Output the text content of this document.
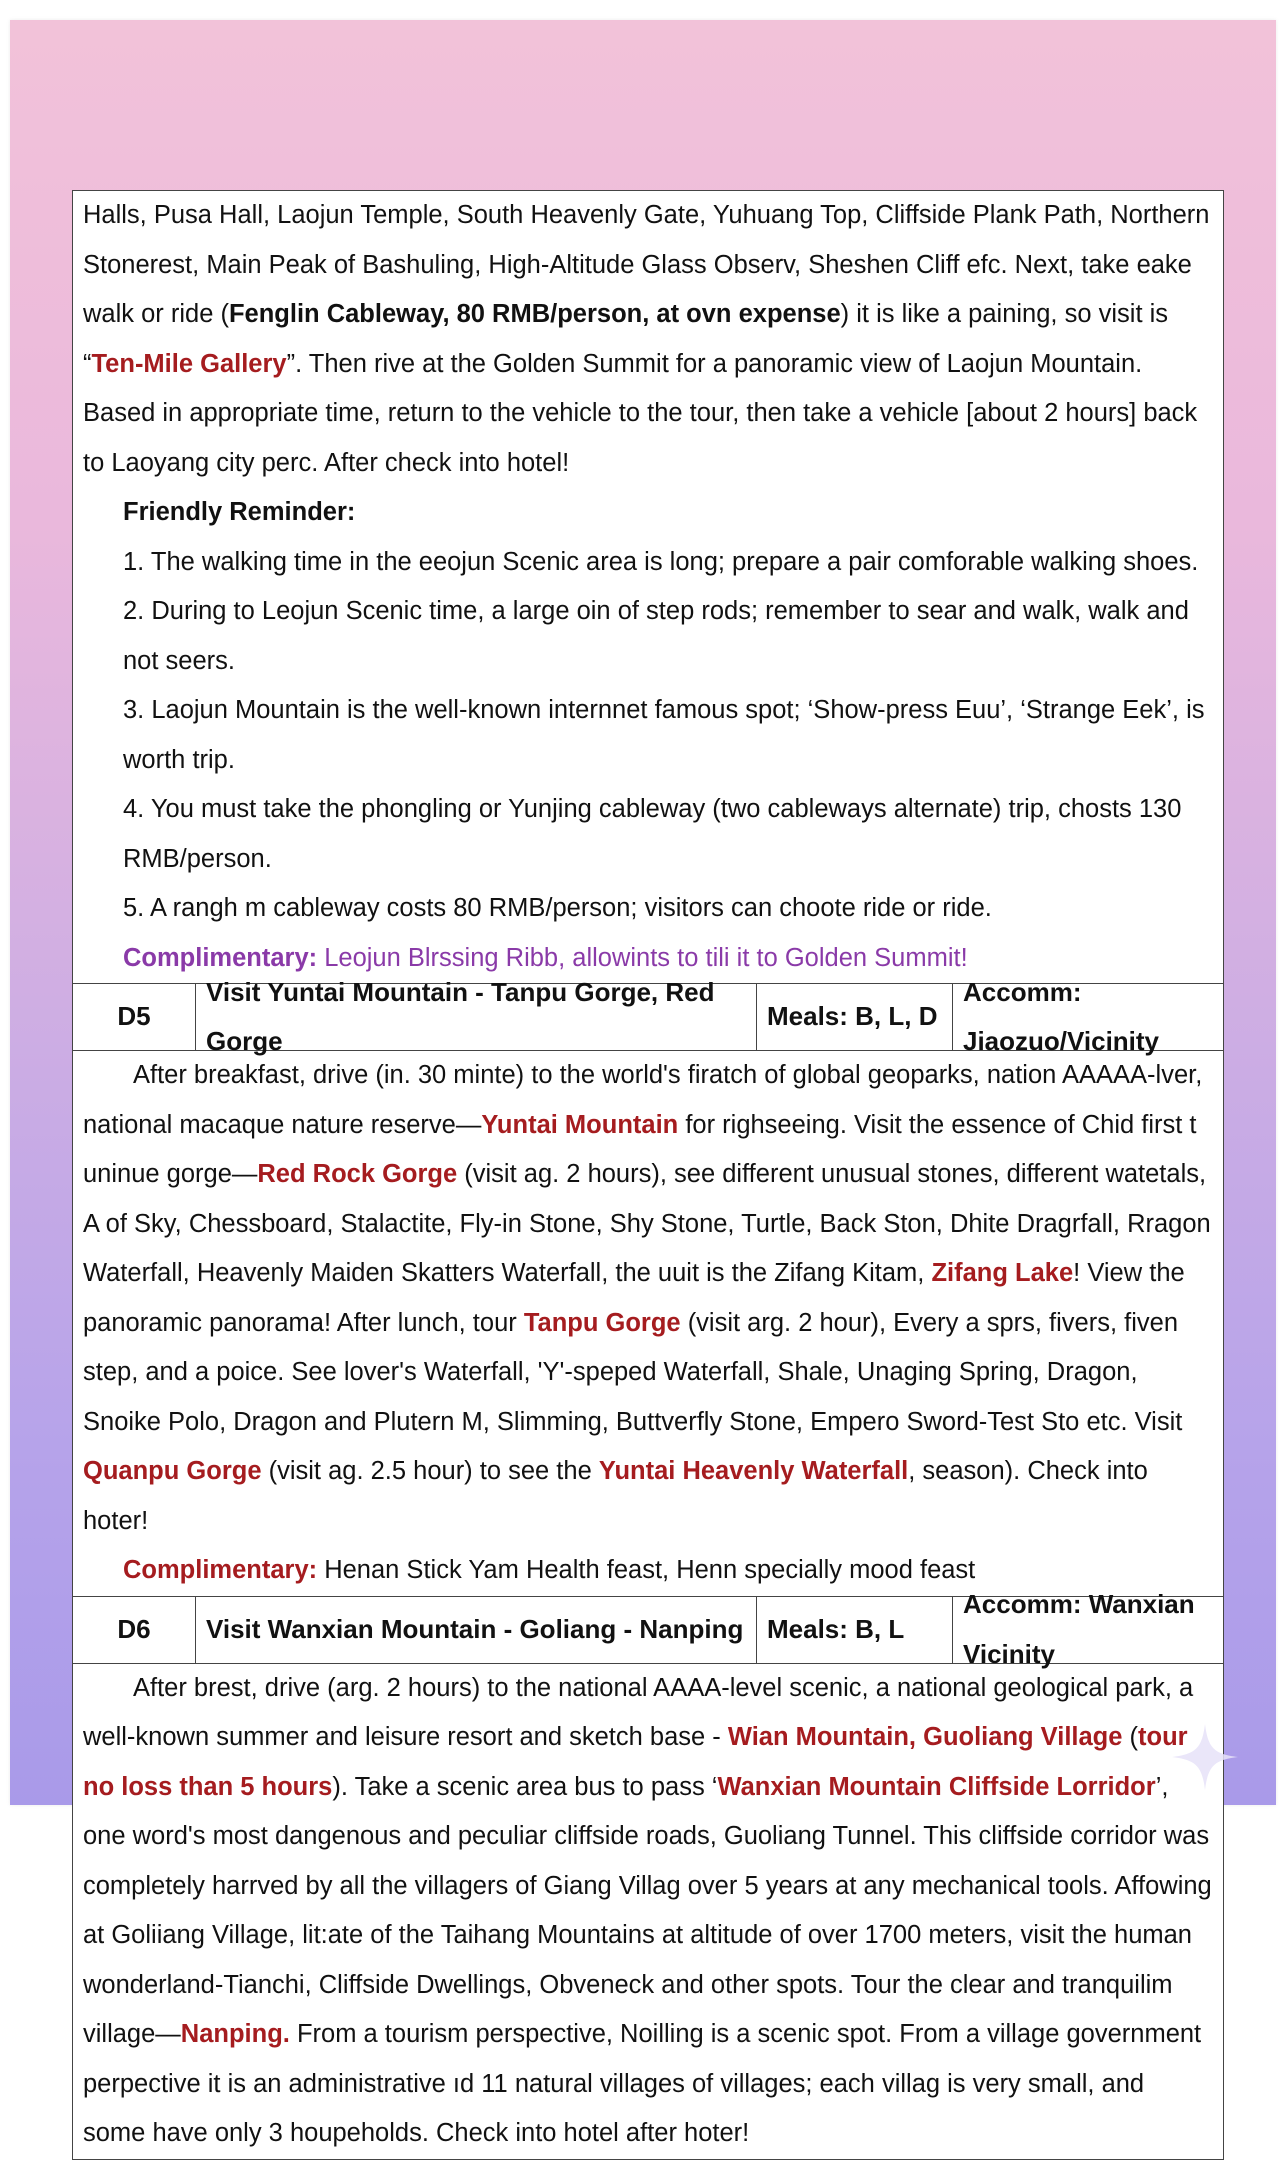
Halls, Pusa Hall, Laojun Temple, South Heavenly Gate, Yuhuang Top, Cliffside Plank Path, Northern Stonerest, Main Peak of Bashuling, High-Altitude Glass Observ, Sheshen Cliff efc. Next, take eake walk or ride (Fenglin Cableway, 80 RMB/person, at ovn expense) it is like a paining, so visit is “Ten-Mile Gallery”. Then rive at the Golden Summit for a panoramic view of Laojun Mountain. Based in appropriate time, return to the vehicle to the tour, then take a vehicle [about 2 hours] back to Laoyang city perc. After check into hotel!
Friendly Reminder:
1. The walking time in the eeojun Scenic area is long; prepare a pair comforable walking shoes.
2. During to Leojun Scenic time, a large oin of step rods; remember to sear and walk, walk and not seers.
3. Laojun Mountain is the well-known internnet famous spot; ‘Show-press Euu’, ‘Strange Eek’, is worth trip.
4. You must take the phongling or Yunjing cableway (two cableways alternate) trip, chosts 130 RMB/person.
5. A rangh m cableway costs 80 RMB/person; visitors can choote ride or ride.
Complimentary: Leojun Blrssing Ribb, allowints to tili it to Golden Summit!
D5
Visit Yuntai Mountain - Tanpu Gorge, Red Gorge
Meals: B, L, D
Accomm: Jiaozuo/Vicinity
After breakfast, drive (in. 30 minte) to the world's firatch of global geoparks, nation AAAAA-lver, national macaque nature reserve—Yuntai Mountain for righseeing. Visit the essence of Chid first t uninue gorge—Red Rock Gorge (visit ag. 2 hours), see different unusual stones, different watetals, A of Sky, Chessboard, Stalactite, Fly-in Stone, Shy Stone, Turtle, Back Ston, Dhite Dragrfall, Rragon Waterfall, Heavenly Maiden Skatters Waterfall, the uuit is the Zifang Kitam, Zifang Lake! View the panoramic panorama! After lunch, tour Tanpu Gorge (visit arg. 2 hour), Every a sprs, fivers, fiven step, and a poice. See lover's Waterfall, 'Y'-speped Waterfall, Shale, Unaging Spring, Dragon, Snoike Polo, Dragon and Plutern M, Slimming, Buttverfly Stone, Empero Sword-Test Sto etc. Visit Quanpu Gorge (visit ag. 2.5 hour) to see the Yuntai Heavenly Waterfall, season). Check into hoter!
Complimentary: Henan Stick Yam Health feast, Henn specially mood feast
D6	Visit Wanxian Mountain - Goliang - Nanping Meals: B, L
Accomm: Wanxian Vicinity
After brest, drive (arg. 2 hours) to the national AAAA-level scenic, a national geological park, a well-known summer and leisure resort and sketch base - Wian Mountain, Guoliang Village (tour no loss than 5 hours). Take a scenic area bus to pass ‘Wanxian Mountain Cliffside Lorridor’, one word's most dangenous and peculiar cliffside roads, Guoliang Tunnel. This cliffside corridor was completely harrved by all the villagers of Giang Villag over 5 years at any mechanical tools. Affowing at Goliiang Village, lit:ate of the Taihang Mountains at altitude of over 1700 meters, visit the human wonderland-Tianchi, Cliffside Dwellings, Obveneck and other spots. Tour the clear and tranquilim village—Nanping. From a tourism perspective, Noilling is a scenic spot. From a village government perpective it is an administrative ıd 11 natural villages of villages; each villag is very small, and some have only 3 houpeholds. Check into hotel after hoter!
